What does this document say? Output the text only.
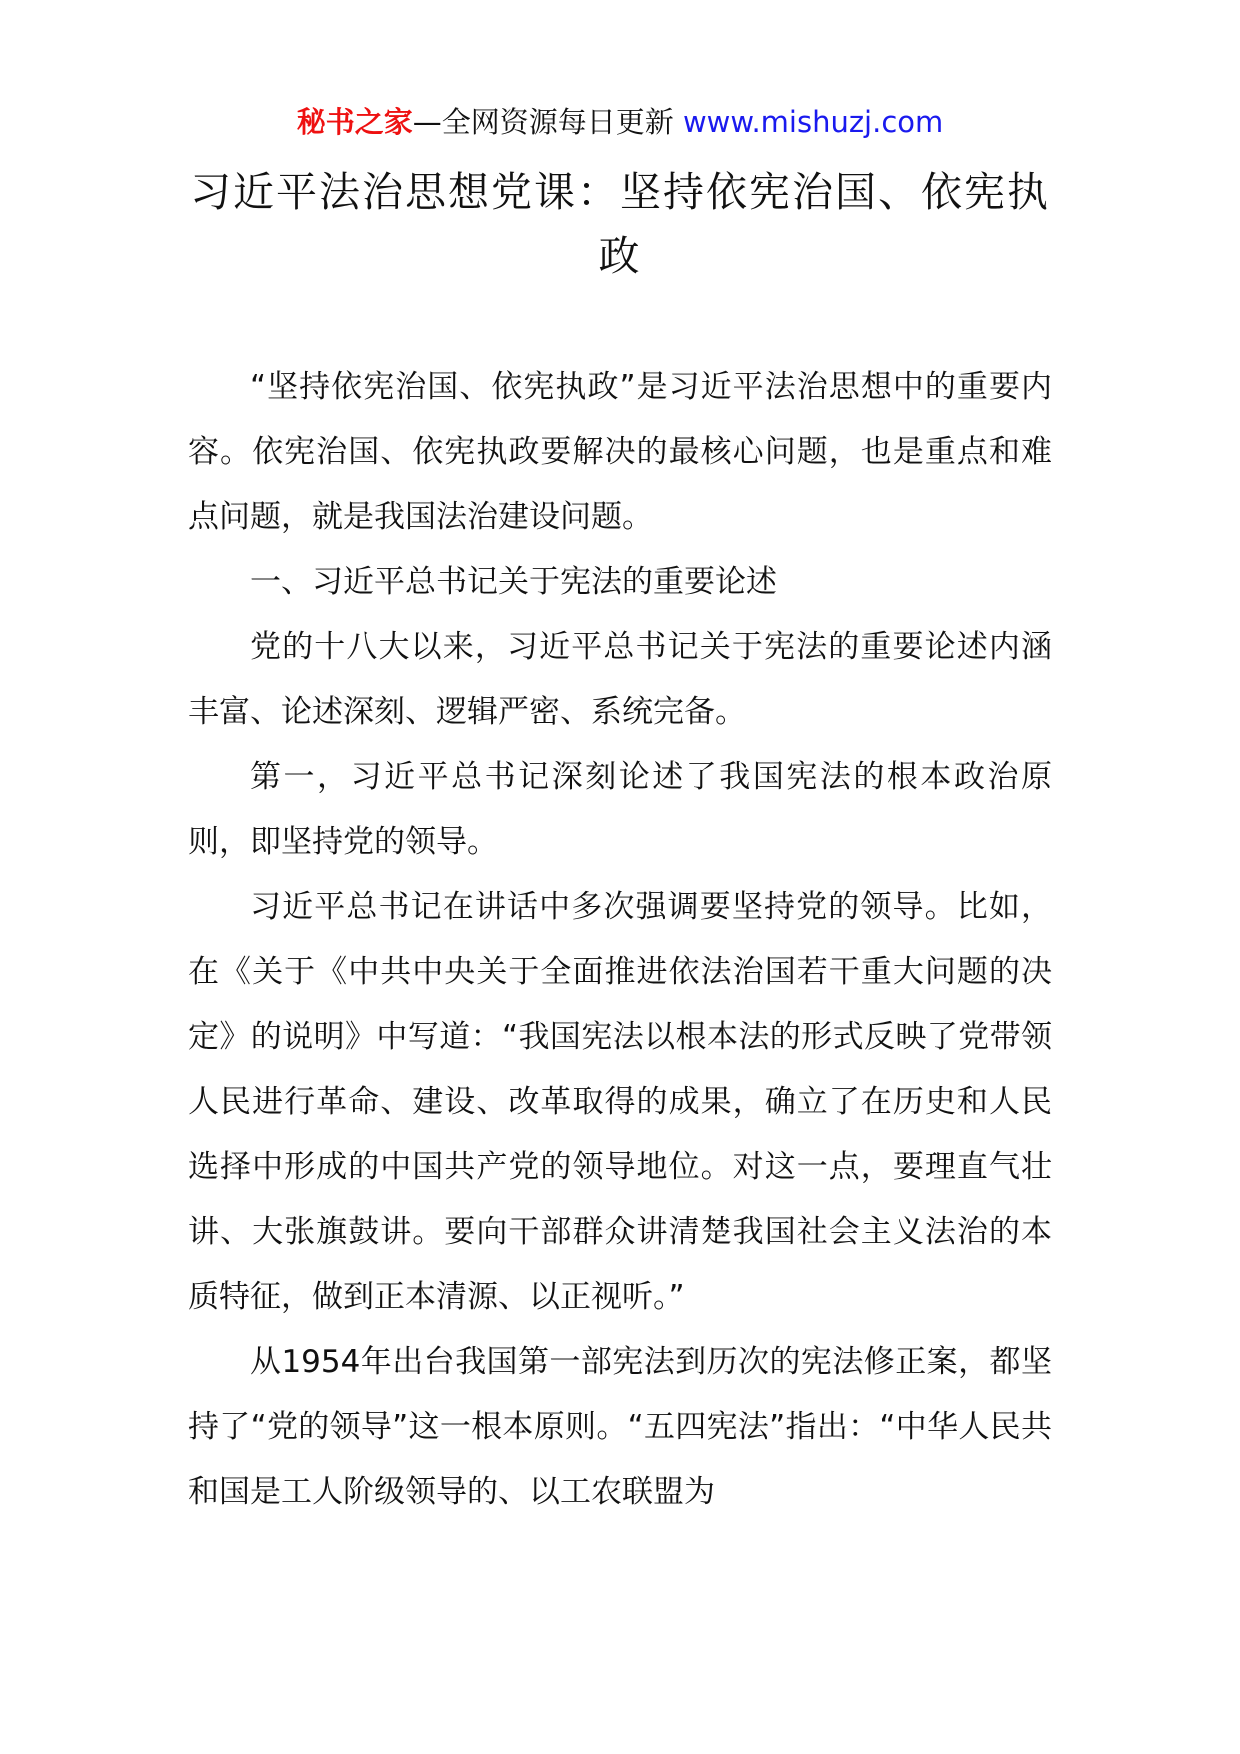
秘书之家—全网资源每日更新 www.mishuzj.com
习近平法治思想党课：坚持依宪治国、依宪执政

“坚持依宪治国、依宪执政”是习近平法治思想中的重要内容。依宪治国、依宪执政要解决的最核心问题，也是重点和难点问题，就是我国法治建设问题。

一、习近平总书记关于宪法的重要论述

党的十八大以来，习近平总书记关于宪法的重要论述内涵丰富、论述深刻、逻辑严密、系统完备。

第一，习近平总书记深刻论述了我国宪法的根本政治原则，即坚持党的领导。

习近平总书记在讲话中多次强调要坚持党的领导。比如，在《关于《中共中央关于全面推进依法治国若干重大问题的决定》的说明》中写道：“我国宪法以根本法的形式反映了党带领人民进行革命、建设、改革取得的成果，确立了在历史和人民选择中形成的中国共产党的领导地位。对这一点，要理直气壮讲、大张旗鼓讲。要向干部群众讲清楚我国社会主义法治的本质特征，做到正本清源、以正视听。”

从1954年出台我国第一部宪法到历次的宪法修正案，都坚持了“党的领导”这一根本原则。“五四宪法”指出：“中华人民共和国是工人阶级领导的、以工农联盟为
